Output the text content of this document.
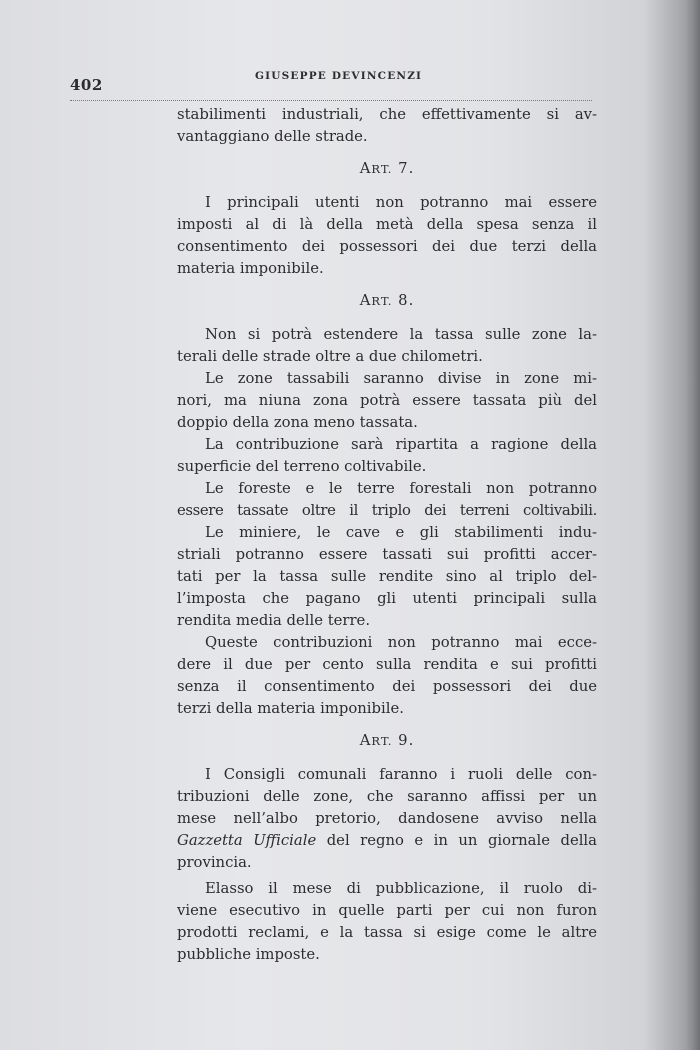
402	GIUSEPPE DEVINCENZI
stabilimenti industriali, che effettivamente si av-
vantaggiano delle strade.
ART. 7.
I principali utenti non potranno mai essere
imposti al di là della metà della spesa senza il
consentimento dei possessori dei due terzi della
materia imponibile.
ART. 8.
Non si potrà estendere la tassa sulle zone la-
terali delle strade oltre a due chilometri.
Le zone tassabili saranno divise in zone mi-
nori, ma niuna zona potrà essere tassata più del
doppio della zona meno tassata.
La contribuzione sarà ripartita a ragione della
superficie del terreno coltivabile.
Le foreste e le terre forestali non potranno
essere tassate oltre il triplo dei terreni coltivabili.
Le miniere, le cave e gli stabilimenti indu-
striali potranno essere tassati sui profitti accer-
tati per la tassa sulle rendite sino al triplo del-
l’imposta che pagano gli utenti principali sulla
rendita media delle terre.
Queste contribuzioni non potranno mai ecce-
dere il due per cento sulla rendita e sui profitti
senza il consentimento dei possessori dei due
terzi della materia imponibile.
ART. 9.
I Consigli comunali faranno i ruoli delle con-
tribuzioni delle zone, che saranno affissi per un
mese nell’albo pretorio, dandosene avviso nella
Gazzetta Ufficiale del regno e in un giornale della
provincia.
Elasso il mese di pubblicazione, il ruolo di-
viene esecutivo in quelle parti per cui non furon
prodotti reclami, e la tassa si esige come le altre
pubbliche imposte.
